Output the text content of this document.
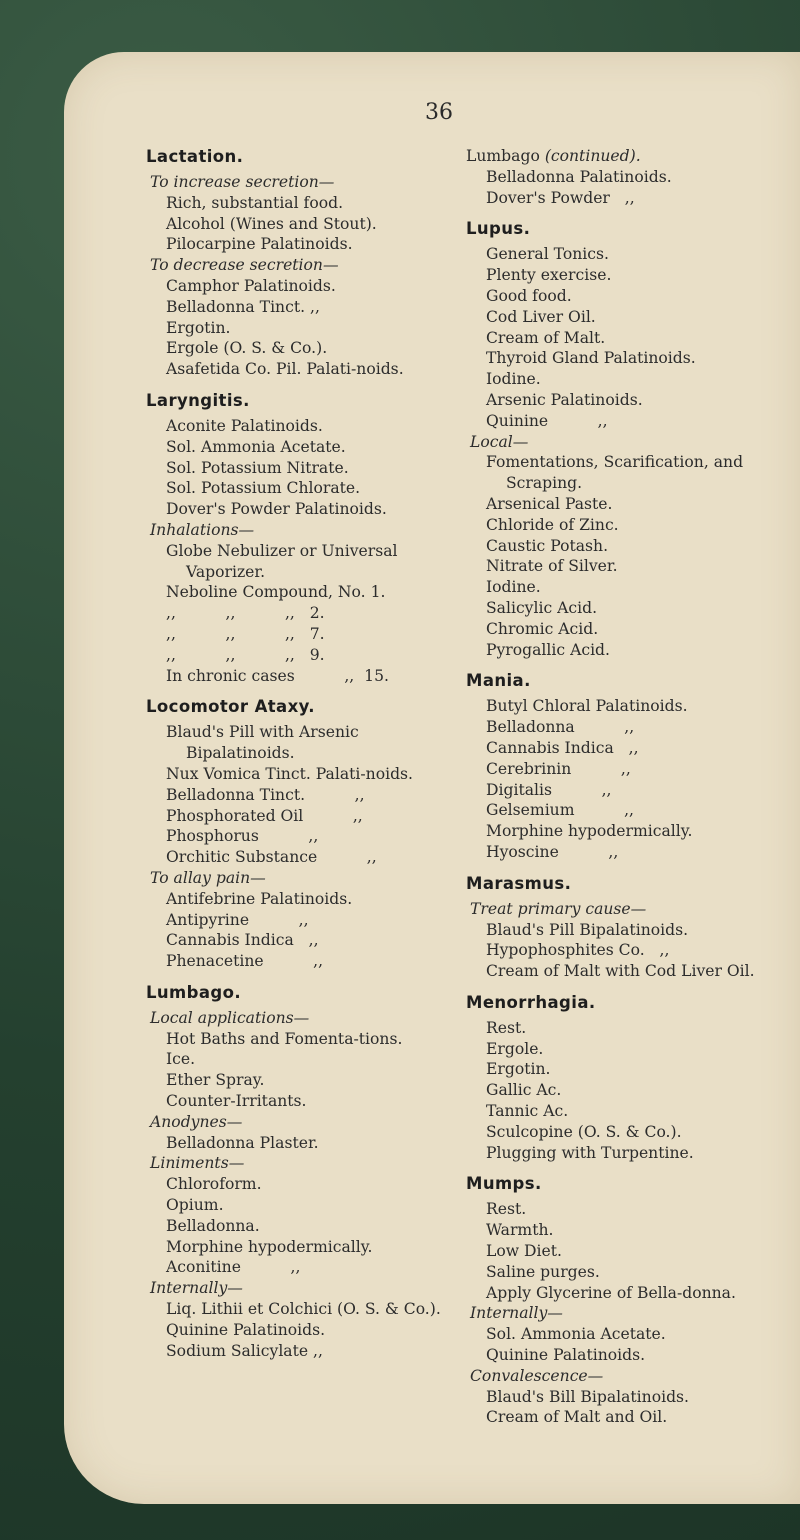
36
Lactation.
To increase secretion—
Rich, substantial food.
Alcohol (Wines and Stout).
Pilocarpine Palatinoids.
To decrease secretion—
Camphor Palatinoids.
Belladonna Tinct. ,,
Ergotin.
Ergole (O. S. & Co.).
Asafetida Co. Pil. Palati-noids.
Laryngitis.
Aconite Palatinoids.
Sol. Ammonia Acetate.
Sol. Potassium Nitrate.
Sol. Potassium Chlorate.
Dover's Powder Palatinoids.
Inhalations—
Globe Nebulizer or Universal Vaporizer.
Neboline Compound, No. 1.
,,          ,,          ,,   2.
,,          ,,          ,,   7.
,,          ,,          ,,   9.
In chronic cases          ,,  15.
Locomotor Ataxy.
Blaud's Pill with Arsenic Bipalatinoids.
Nux Vomica Tinct. Palati-noids.
Belladonna Tinct.          ,,
Phosphorated Oil          ,,
Phosphorus          ,,
Orchitic Substance          ,,
To allay pain—
Antifebrine Palatinoids.
Antipyrine          ,,
Cannabis Indica   ,,
Phenacetine          ,,
Lumbago.
Local applications—
Hot Baths and Fomenta-tions.
Ice.
Ether Spray.
Counter-Irritants.
Anodynes—
Belladonna Plaster.
Liniments—
Chloroform.
Opium.
Belladonna.
Morphine hypodermically.
Aconitine          ,,
Internally—
Liq. Lithii et Colchici (O. S. & Co.).
Quinine Palatinoids.
Sodium Salicylate ,,
Lumbago (continued).
Belladonna Palatinoids.
Dover's Powder   ,,
Lupus.
General Tonics.
Plenty exercise.
Good food.
Cod Liver Oil.
Cream of Malt.
Thyroid Gland Palatinoids.
Iodine.
Arsenic Palatinoids.
Quinine          ,,
Local—
Fomentations, Scarification, and Scraping.
Arsenical Paste.
Chloride of Zinc.
Caustic Potash.
Nitrate of Silver.
Iodine.
Salicylic Acid.
Chromic Acid.
Pyrogallic Acid.
Mania.
Butyl Chloral Palatinoids.
Belladonna          ,,
Cannabis Indica   ,,
Cerebrinin          ,,
Digitalis          ,,
Gelsemium          ,,
Morphine hypodermically.
Hyoscine          ,,
Marasmus.
Treat primary cause—
Blaud's Pill Bipalatinoids.
Hypophosphites Co.   ,,
Cream of Malt with Cod Liver Oil.
Menorrhagia.
Rest.
Ergole.
Ergotin.
Gallic Ac.
Tannic Ac.
Sculcopine (O. S. & Co.).
Plugging with Turpentine.
Mumps.
Rest.
Warmth.
Low Diet.
Saline purges.
Apply Glycerine of Bella-donna.
Internally—
Sol. Ammonia Acetate.
Quinine Palatinoids.
Convalescence—
Blaud's Bill Bipalatinoids.
Cream of Malt and Oil.
